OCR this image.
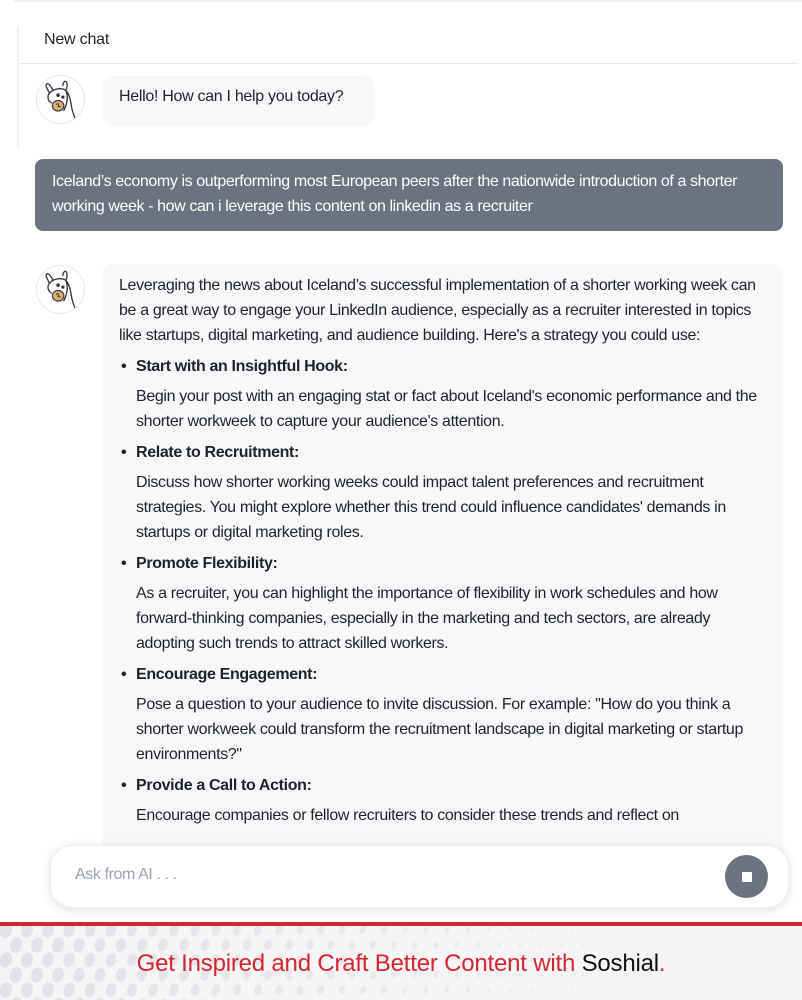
New chat
Hello! How can I help you today?
Iceland’s economy is outperforming most European peers after the nationwide introduction of a shorter working week - how can i leverage this content on linkedin as a recruiter

Leveraging the news about Iceland’s successful implementation of a shorter working week can be a great way to engage your LinkedIn audience, especially as a recruiter interested in topics like startups, digital marketing, and audience building. Here's a strategy you could use:

• Start with an Insightful Hook:
Begin your post with an engaging stat or fact about Iceland's economic performance and the shorter workweek to capture your audience's attention.
• Relate to Recruitment:
Discuss how shorter working weeks could impact talent preferences and recruitment strategies. You might explore whether this trend could influence candidates' demands in startups or digital marketing roles.
• Promote Flexibility:
As a recruiter, you can highlight the importance of flexibility in work schedules and how forward-thinking companies, especially in the marketing and tech sectors, are already adopting such trends to attract skilled workers.
• Encourage Engagement:
Pose a question to your audience to invite discussion. For example: "How do you think a shorter workweek could transform the recruitment landscape in digital marketing or startup environments?"
• Provide a Call to Action:
Encourage companies or fellow recruiters to consider these trends and reflect on
Ask from AI . . .
Get Inspired and Craft Better Content with Soshial.
